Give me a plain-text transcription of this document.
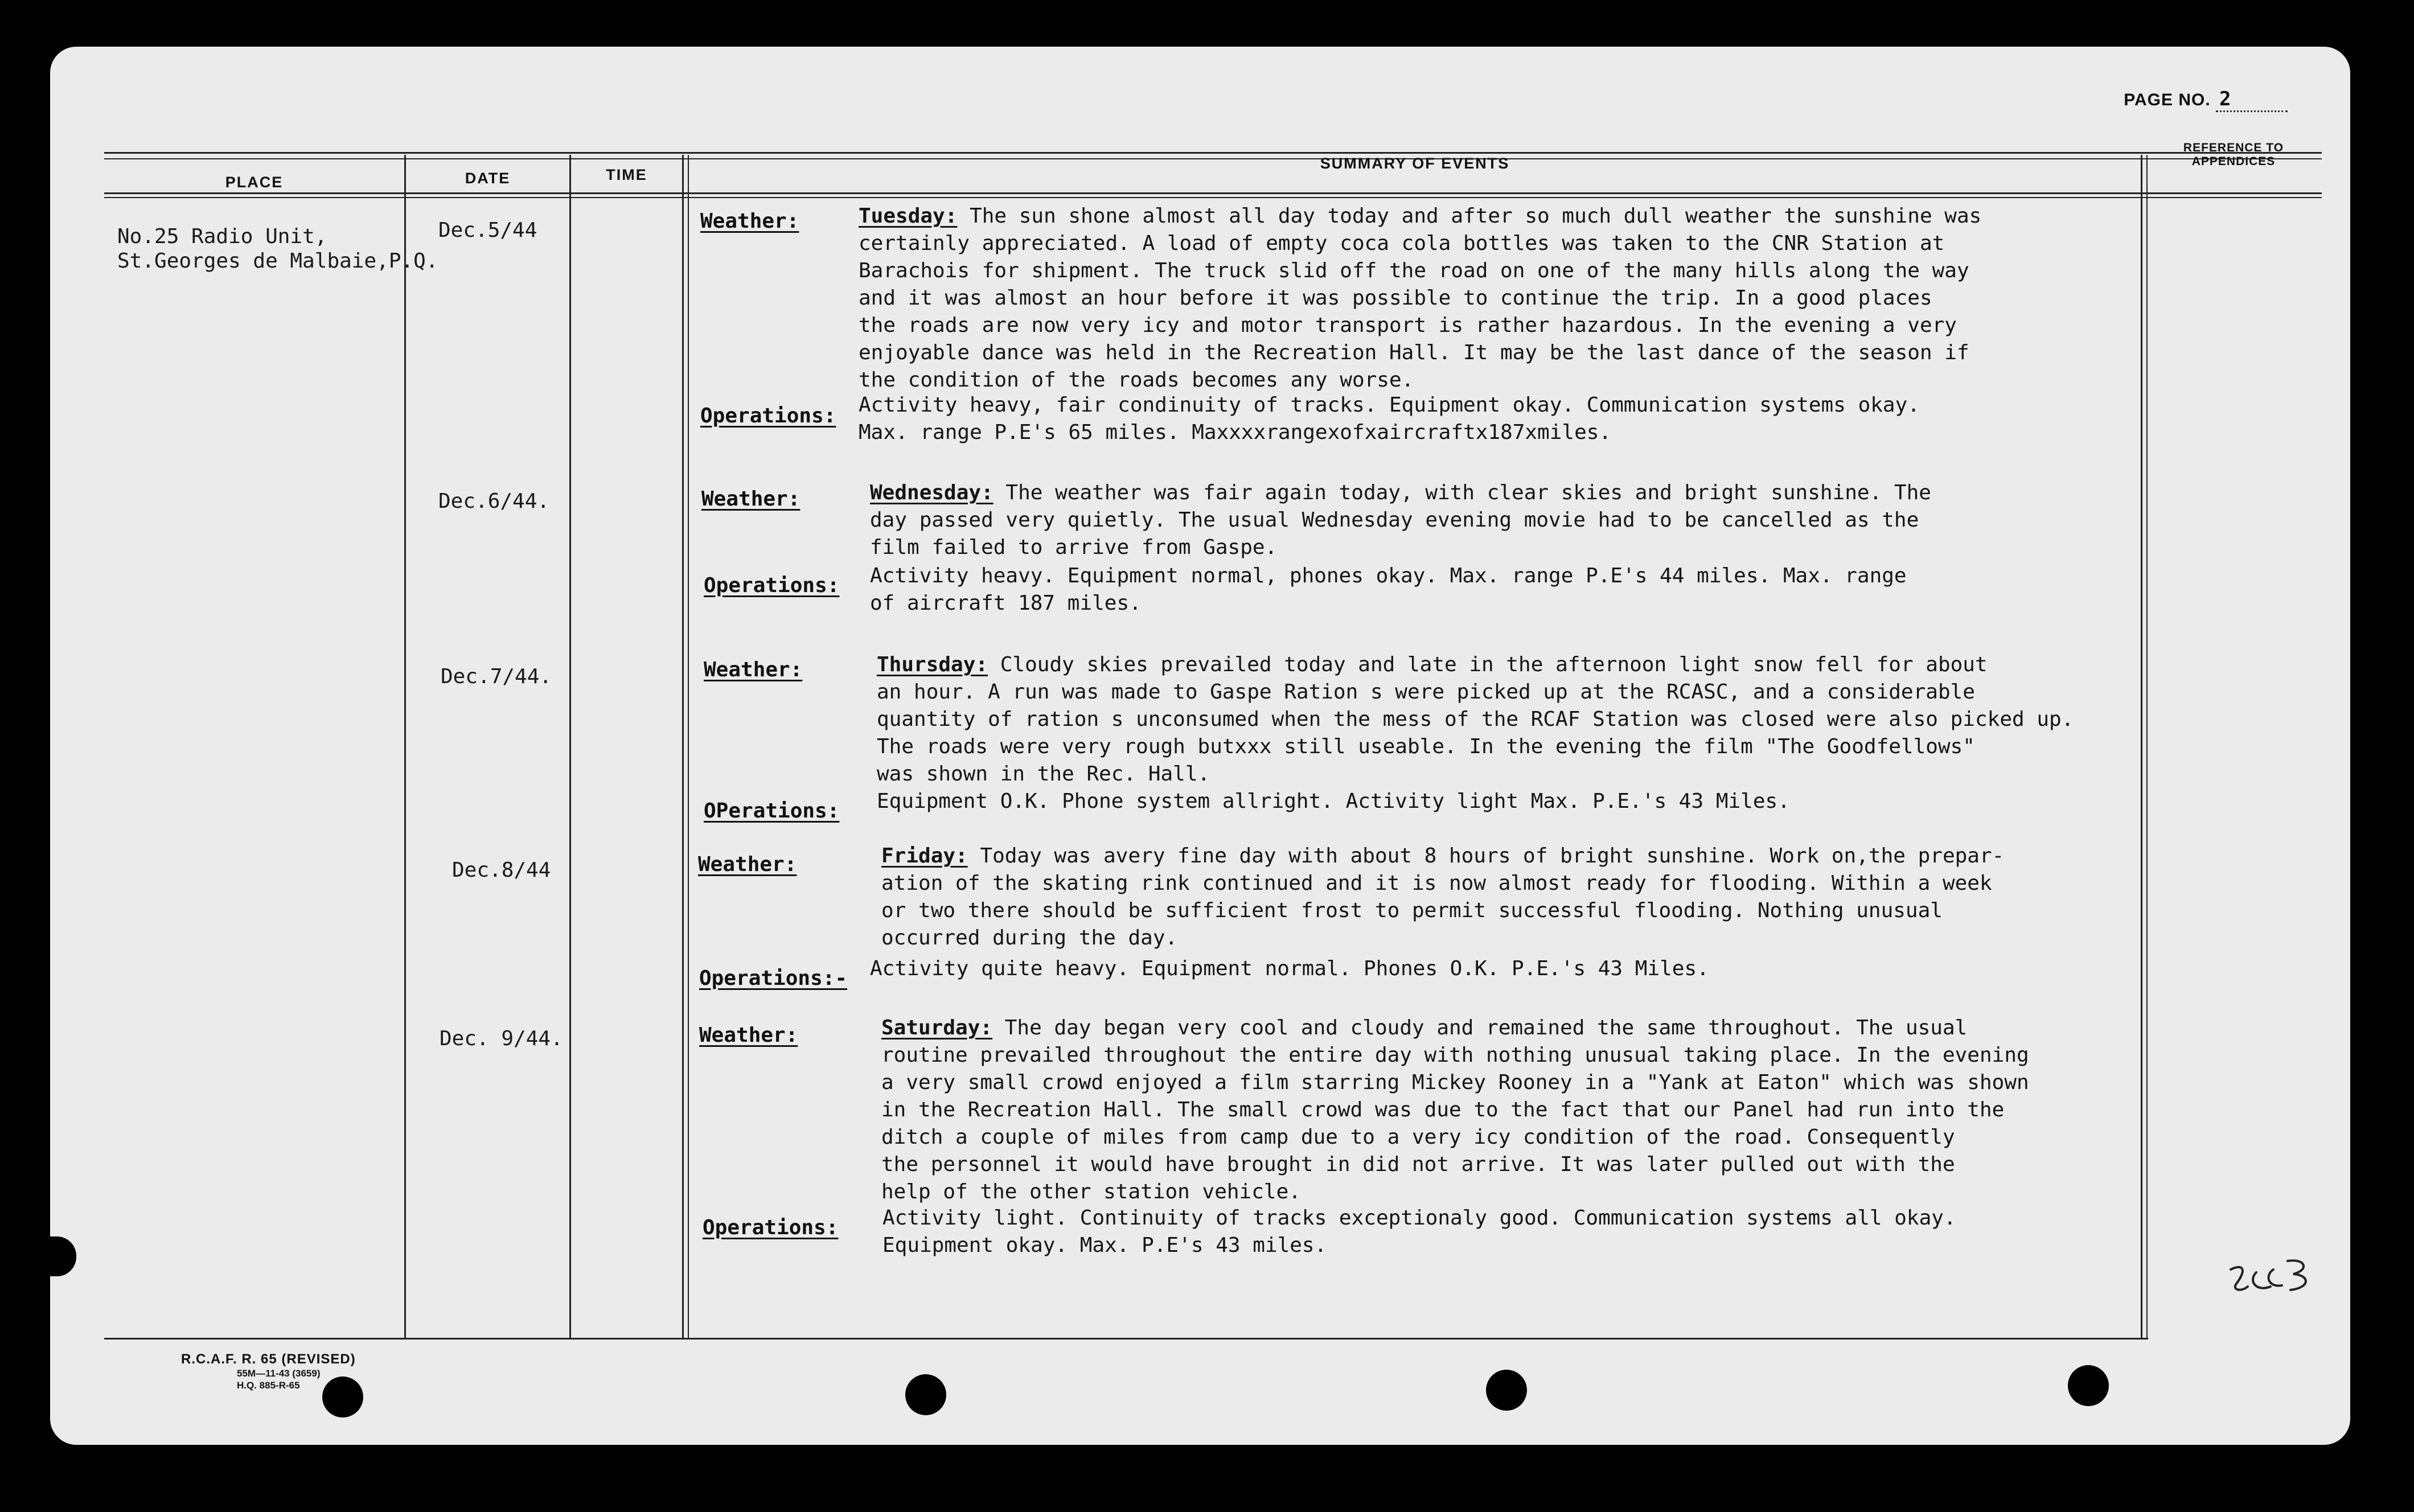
PAGE NO. 2
PLACE	DATE	TIME
SUMMARY OF EVENTS
REFERENCE TO APPENDICES
No.25 Radio Unit,
St.Georges de Malbaie,P.Q.
Dec.5/44	Weather:	Tuesday: The sun shone almost all day today and after so much dull weather the sunshine was
certainly appreciated. A load of empty coca cola bottles was taken to the CNR Station at
Barachois for shipment. The truck slid off the road on one of the many hills along the way
and it was almost an hour before it was possible to continue the trip. In a good places
the roads are now very icy and motor transport is rather hazardous. In the evening a very
enjoyable dance was held in the Recreation Hall. It may be the last dance of the season if
the condition of the roads becomes any worse.
Operations: Activity heavy, fair condinuity of tracks. Equipment okay. Communication systems okay.
Max. range P.E's 65 miles. Maxxxxrangexofxaircraftx187xmiles.
Dec.6/44.	Weather:	Wednesday: The weather was fair again today, with clear skies and bright sunshine. The
day passed very quietly. The usual Wednesday evening movie had to be cancelled as the
film failed to arrive from Gaspe.
Operations: Activity heavy. Equipment normal, phones okay. Max. range P.E's 44 miles. Max. range
of aircraft 187 miles.
Dec.7/44.	Weather:	Thursday: Cloudy skies prevailed today and late in the afternoon light snow fell for about
an hour. A run was made to Gaspe Ration s were picked up at the RCASC, and a considerable
quantity of ration s unconsumed when the mess of the RCAF Station was closed were also picked up.
The roads were very rough butxxx still useable. In the evening the film "The Goodfellows"
was shown in the Rec. Hall.
OPerations: Equipment O.K. Phone system allright. Activity light Max. P.E.'s 43 Miles.
Dec.8/44	Weather:	Friday: Today was avery fine day with about 8 hours of bright sunshine. Work on,the prepar-
ation of the skating rink continued and it is now almost ready for flooding. Within a week
or two there should be sufficient frost to permit successful flooding. Nothing unusual
occurred during the day.
Operations:- Activity quite heavy. Equipment normal. Phones O.K. P.E.'s 43 Miles.
Dec. 9/44.	Weather:	Saturday: The day began very cool and cloudy and remained the same throughout. The usual
routine prevailed throughout the entire day with nothing unusual taking place. In the evening
a very small crowd enjoyed a film starring Mickey Rooney in a "Yank at Eaton" which was shown
in the Recreation Hall. The small crowd was due to the fact that our Panel had run into the
ditch a couple of miles from camp due to a very icy condition of the road. Consequently
the personnel it would have brought in did not arrive. It was later pulled out with the
help of the other station vehicle.
Operations: Activity light. Continuity of tracks exceptionaly good. Communication systems all okay.
Equipment okay. Max. P.E's 43 miles.
R.C.A.F. R. 65 (REVISED)
55M—11-43 (3659)
H.Q. 885-R-65
